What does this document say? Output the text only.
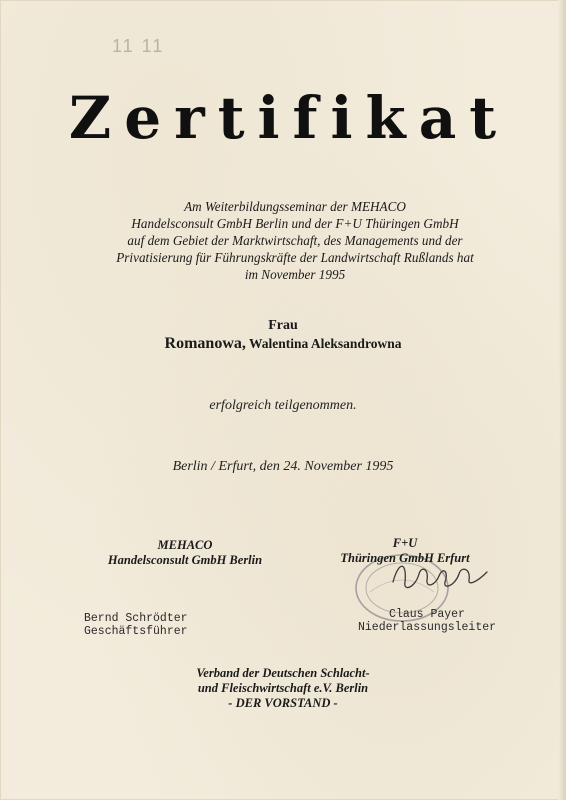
11 11
Zertifikat
Am Weiterbildungsseminar der MEHACO
Handelsconsult GmbH Berlin und der F+U Thüringen GmbH
auf dem Gebiet der Marktwirtschaft, des Managements und der
Privatisierung für Führungskräfte der Landwirtschaft Rußlands hat
im November 1995
Frau
Romanowa, Walentina Aleksandrowna
erfolgreich teilgenommen.
Berlin / Erfurt, den 24. November 1995
MEHACO
Handelsconsult GmbH Berlin
F+U
Thüringen GmbH Erfurt
Bernd Schrödter
Geschäftsführer
Claus Payer
Niederlassungsleiter
Verband der Deutschen Schlacht-
und Fleischwirtschaft e.V. Berlin
- DER VORSTAND -
